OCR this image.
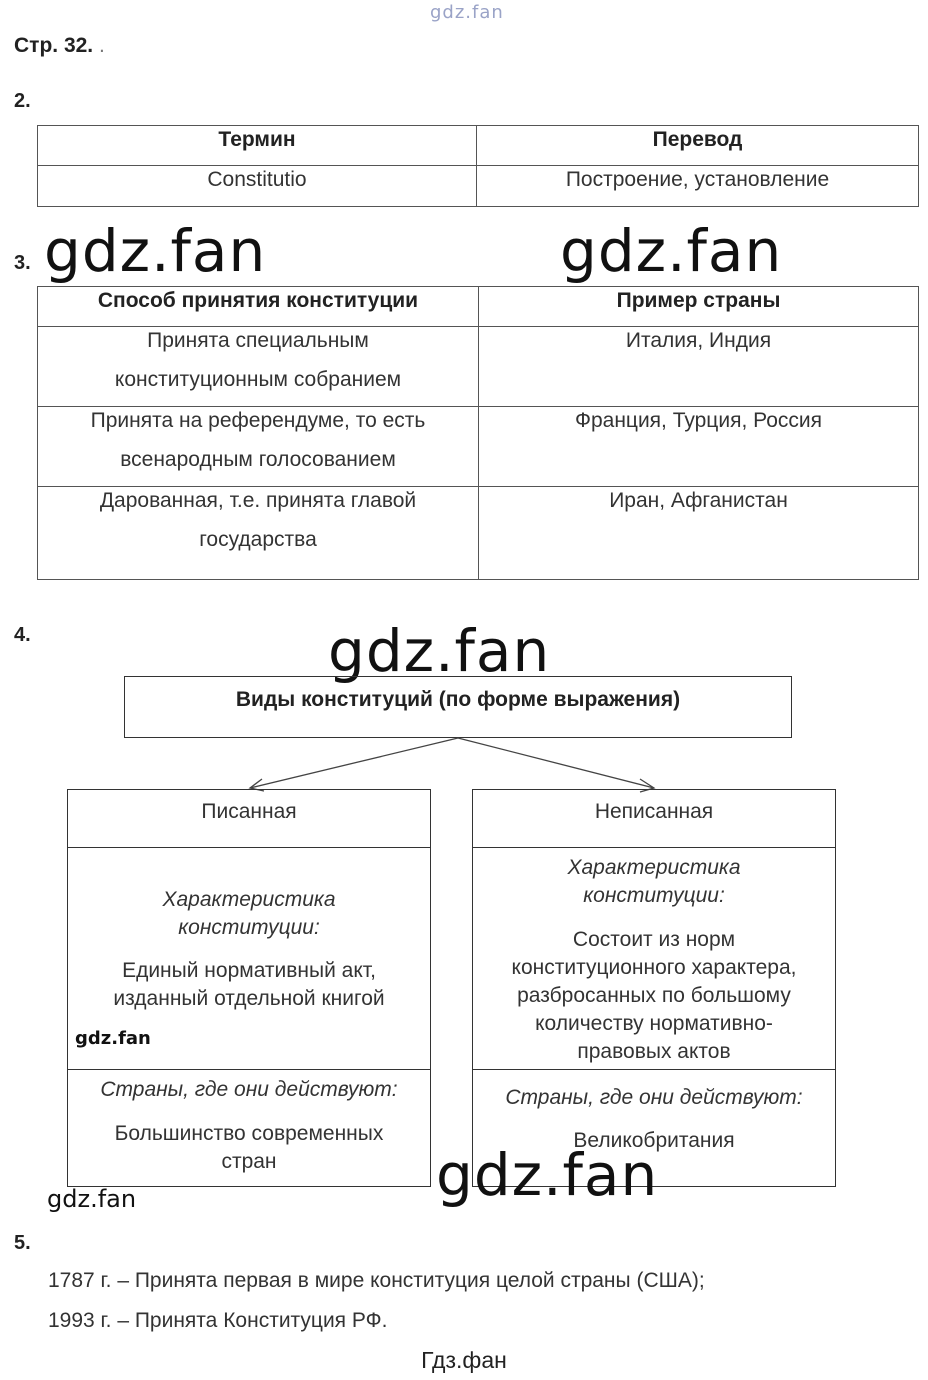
gdz.fan
Стр. 32. .
2.
Термин	Перевод
Constitutio	Построение, установление
3.
Способ принятия конституции	Пример страны

Принята специальным
конституционным собранием	Италия, Индия

Принята на референдуме, то есть
всенародным голосованием	Франция, Турция, Россия

Дарованная, т.е. принята главой
государства	Иран, Афганистан
gdz.fan	gdz.fan
4.	gdz.fan
Виды конституций (по форме выражения)
Писанная
Характеристика
конституции:
Единый нормативный акт,
изданный отдельной книгой
gdz.fan
Страны, где они действуют:
Большинство современных
стран
Неписанная
Характеристика
конституции:
Состоит из норм
конституционного характера,
разбросанных по большому
количеству нормативно-
правовых актов
Страны, где они действуют:
Великобритания
gdz.fan
gdz.fan
5.
1787 г. – Принята первая в мире конституция целой страны (США);
1993 г. – Принята Конституция РФ.
Гдз.фан
